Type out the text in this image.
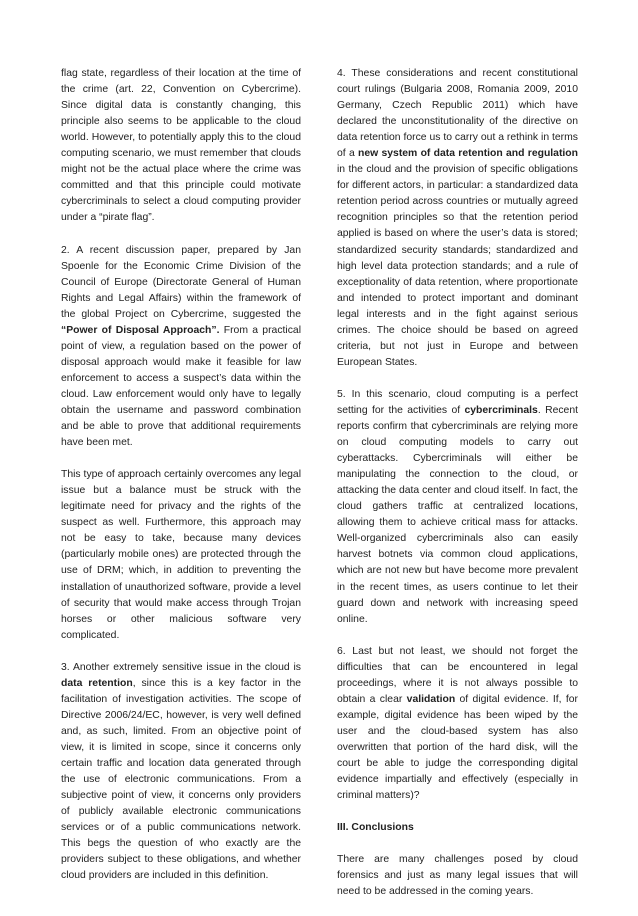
flag state, regardless of their location at the time of the crime (art. 22, Convention on Cybercrime). Since digital data is constantly changing, this principle also seems to be applicable to the cloud world. However, to potentially apply this to the cloud computing scenario, we must remember that clouds might not be the actual place where the crime was committed and that this principle could motivate cybercriminals to select a cloud computing provider under a “pirate flag”.

2. A recent discussion paper, prepared by Jan Spoenle for the Economic Crime Division of the Council of Europe (Directorate General of Human Rights and Legal Affairs) within the framework of the global Project on Cybercrime, suggested the “Power of Disposal Approach”. From a practical point of view, a regulation based on the power of disposal approach would make it feasible for law enforcement to access a suspect’s data within the cloud. Law enforcement would only have to legally obtain the username and password combination and be able to prove that additional requirements have been met.

This type of approach certainly overcomes any legal issue but a balance must be struck with the legitimate need for privacy and the rights of the suspect as well. Furthermore, this approach may not be easy to take, because many devices (particularly mobile ones) are protected through the use of DRM; which, in addition to preventing the installation of unauthorized software, provide a level of security that would make access through Trojan horses or other malicious software very complicated.

3. Another extremely sensitive issue in the cloud is data retention, since this is a key factor in the facilitation of investigation activities. The scope of Directive 2006/24/EC, however, is very well defined and, as such, limited. From an objective point of view, it is limited in scope, since it concerns only certain traffic and location data generated through the use of electronic communications. From a subjective point of view, it concerns only providers of publicly available electronic communications services or of a public communications network. This begs the question of who exactly are the providers subject to these obligations, and whether cloud providers are included in this definition.

4. These considerations and recent constitutional court rulings (Bulgaria 2008, Romania 2009, 2010 Germany, Czech Republic 2011) which have declared the unconstitutionality of the directive on data retention force us to carry out a rethink in terms of a new system of data retention and regulation in the cloud and the provision of specific obligations for different actors, in particular: a standardized data retention period across countries or mutually agreed recognition principles so that the retention period applied is based on where the user’s data is stored; standardized security standards; standardized and high level data protection standards; and a rule of exceptionality of data retention, where proportionate and intended to protect important and dominant legal interests and in the fight against serious crimes. The choice should be based on agreed criteria, but not just in Europe and between European States.

5. In this scenario, cloud computing is a perfect setting for the activities of cybercriminals. Recent reports confirm that cybercriminals are relying more on cloud computing models to carry out cyberattacks. Cybercriminals will either be manipulating the connection to the cloud, or attacking the data center and cloud itself. In fact, the cloud gathers traffic at centralized locations, allowing them to achieve critical mass for attacks. Well-organized cybercriminals also can easily harvest botnets via common cloud applications, which are not new but have become more prevalent in the recent times, as users continue to let their guard down and network with increasing speed online.

6. Last but not least, we should not forget the difficulties that can be encountered in legal proceedings, where it is not always possible to obtain a clear validation of digital evidence. If, for example, digital evidence has been wiped by the user and the cloud-based system has also overwritten that portion of the hard disk, will the court be able to judge the corresponding digital evidence impartially and effectively (especially in criminal matters)?

III. Conclusions

There are many challenges posed by cloud forensics and just as many legal issues that will need to be addressed in the coming years.
